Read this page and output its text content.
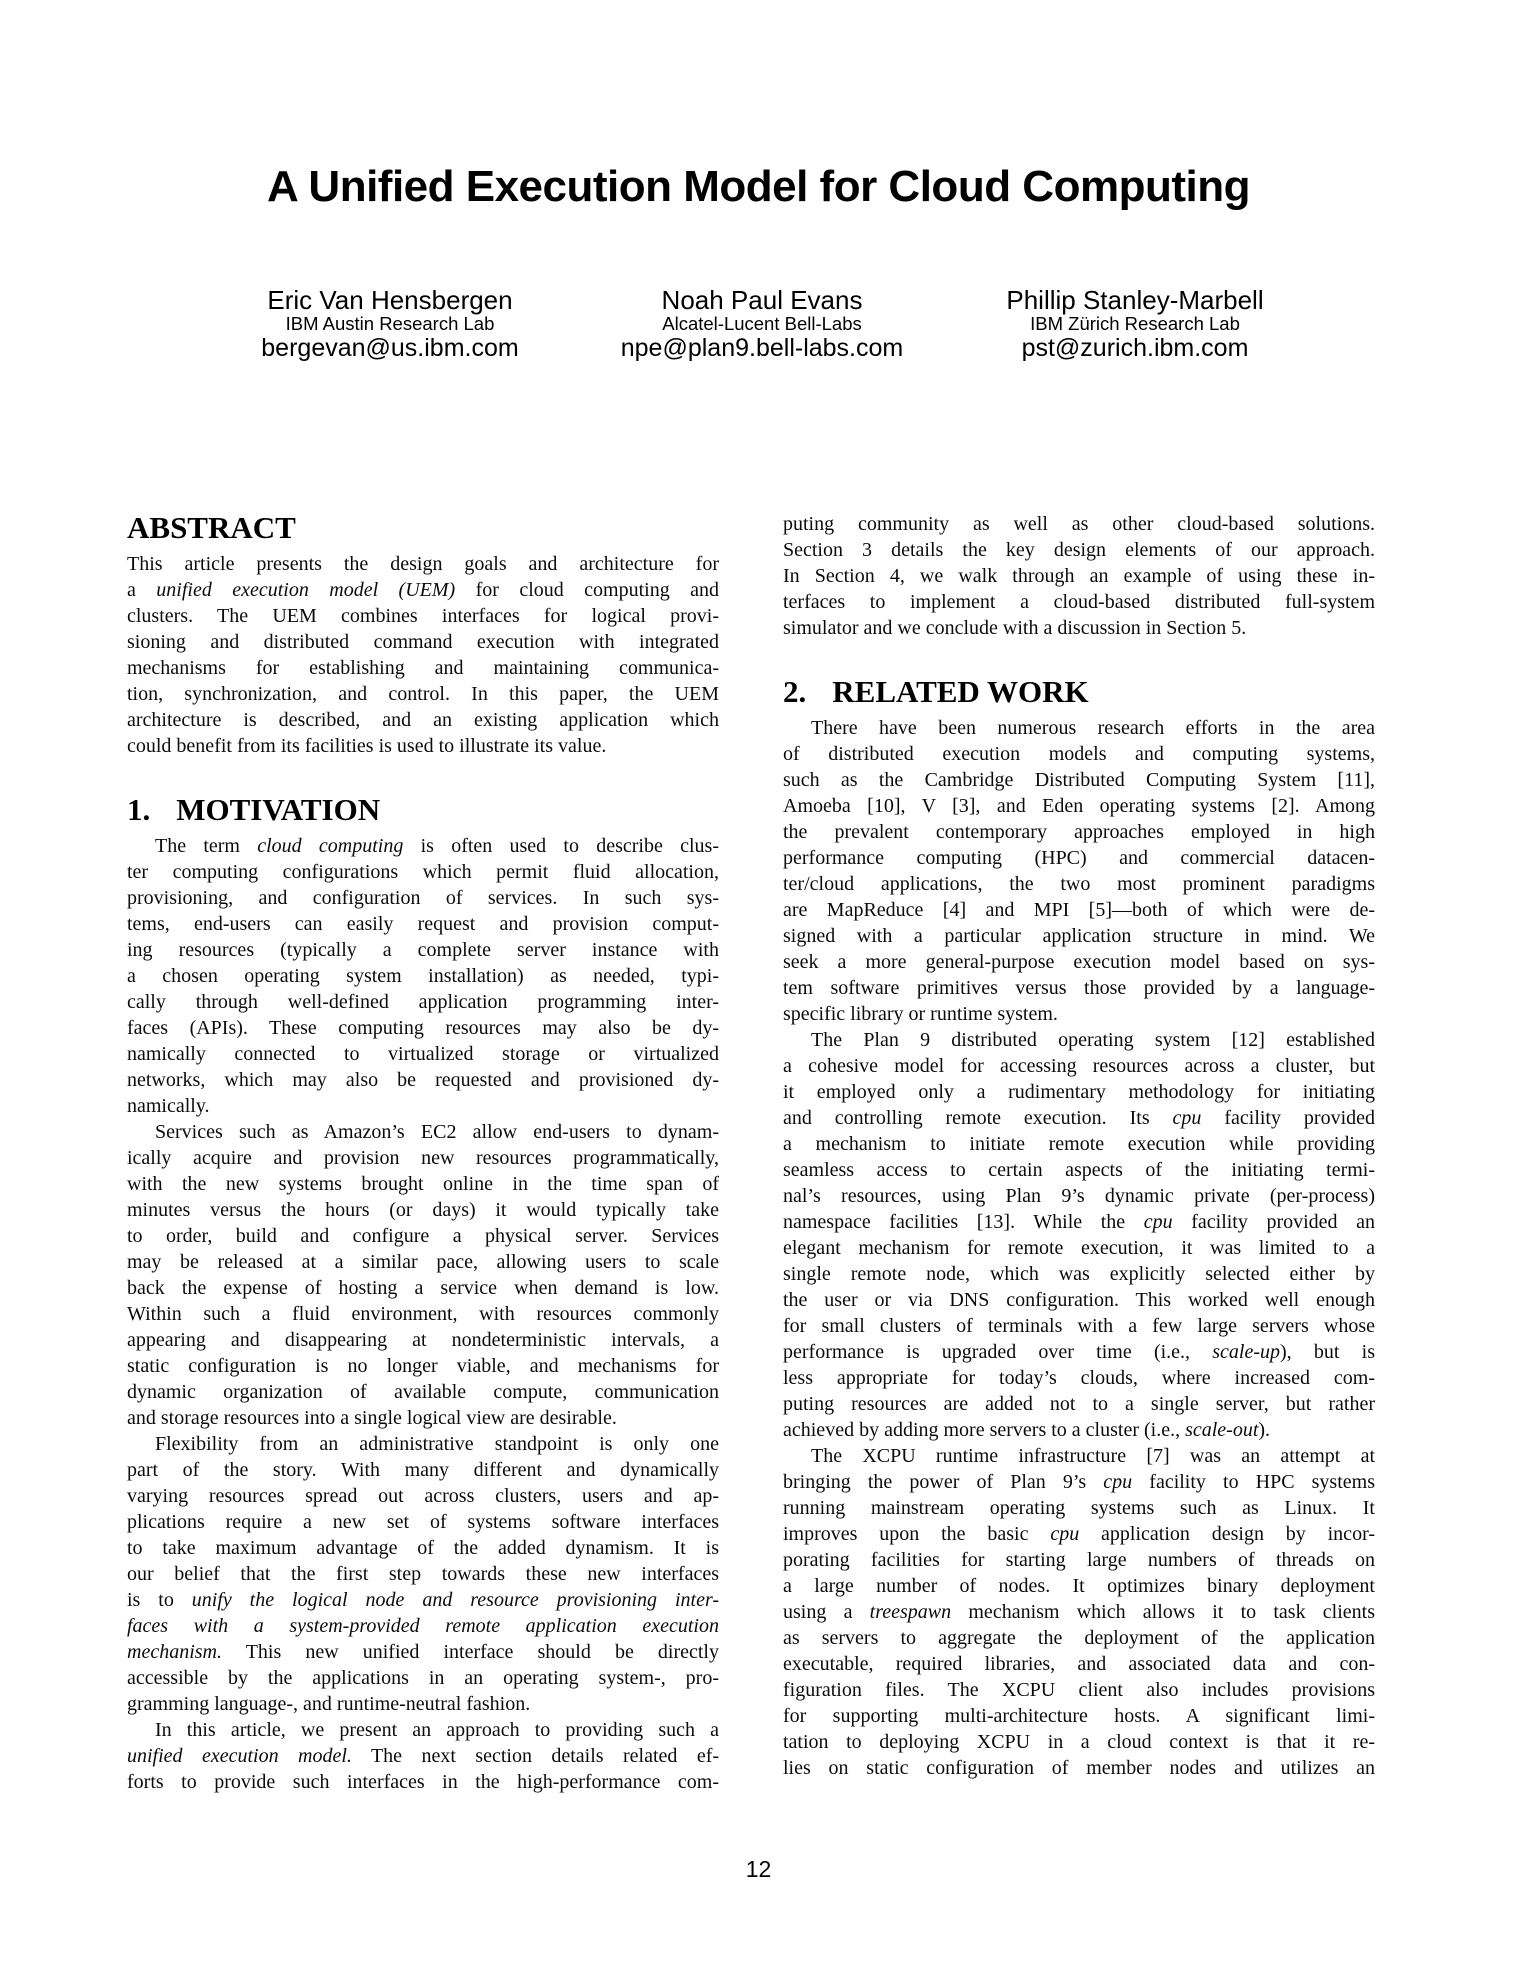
A Unified Execution Model for Cloud Computing
Eric Van Hensbergen
IBM Austin Research Lab
bergevan@us.ibm.com
Noah Paul Evans
Alcatel-Lucent Bell-Labs
npe@plan9.bell-labs.com
Phillip Stanley-Marbell
IBM Zürich Research Lab
pst@zurich.ibm.com
ABSTRACT
This article presents the design goals and architecture for
a unified execution model (UEM) for cloud computing and
clusters. The UEM combines interfaces for logical provi-
sioning and distributed command execution with integrated
mechanisms for establishing and maintaining communica-
tion, synchronization, and control. In this paper, the UEM
architecture is described, and an existing application which
could benefit from its facilities is used to illustrate its value.
1. MOTIVATION
The term cloud computing is often used to describe clus-
ter computing configurations which permit fluid allocation,
provisioning, and configuration of services. In such sys-
tems, end-users can easily request and provision comput-
ing resources (typically a complete server instance with
a chosen operating system installation) as needed, typi-
cally through well-defined application programming inter-
faces (APIs). These computing resources may also be dy-
namically connected to virtualized storage or virtualized
networks, which may also be requested and provisioned dy-
namically.
Services such as Amazon’s EC2 allow end-users to dynam-
ically acquire and provision new resources programmatically,
with the new systems brought online in the time span of
minutes versus the hours (or days) it would typically take
to order, build and configure a physical server. Services
may be released at a similar pace, allowing users to scale
back the expense of hosting a service when demand is low.
Within such a fluid environment, with resources commonly
appearing and disappearing at nondeterministic intervals, a
static configuration is no longer viable, and mechanisms for
dynamic organization of available compute, communication
and storage resources into a single logical view are desirable.
Flexibility from an administrative standpoint is only one
part of the story. With many different and dynamically
varying resources spread out across clusters, users and ap-
plications require a new set of systems software interfaces
to take maximum advantage of the added dynamism. It is
our belief that the first step towards these new interfaces
is to unify the logical node and resource provisioning inter-
faces with a system-provided remote application execution
mechanism. This new unified interface should be directly
accessible by the applications in an operating system-, pro-
gramming language-, and runtime-neutral fashion.
In this article, we present an approach to providing such a
unified execution model. The next section details related ef-
forts to provide such interfaces in the high-performance com-
puting community as well as other cloud-based solutions.
Section 3 details the key design elements of our approach.
In Section 4, we walk through an example of using these in-
terfaces to implement a cloud-based distributed full-system
simulator and we conclude with a discussion in Section 5.
2. RELATED WORK
There have been numerous research efforts in the area
of distributed execution models and computing systems,
such as the Cambridge Distributed Computing System [11],
Amoeba [10], V [3], and Eden operating systems [2]. Among
the prevalent contemporary approaches employed in high
performance computing (HPC) and commercial datacen-
ter/cloud applications, the two most prominent paradigms
are MapReduce [4] and MPI [5]—both of which were de-
signed with a particular application structure in mind. We
seek a more general-purpose execution model based on sys-
tem software primitives versus those provided by a language-
specific library or runtime system.
The Plan 9 distributed operating system [12] established
a cohesive model for accessing resources across a cluster, but
it employed only a rudimentary methodology for initiating
and controlling remote execution. Its cpu facility provided
a mechanism to initiate remote execution while providing
seamless access to certain aspects of the initiating termi-
nal’s resources, using Plan 9’s dynamic private (per-process)
namespace facilities [13]. While the cpu facility provided an
elegant mechanism for remote execution, it was limited to a
single remote node, which was explicitly selected either by
the user or via DNS configuration. This worked well enough
for small clusters of terminals with a few large servers whose
performance is upgraded over time (i.e., scale-up), but is
less appropriate for today’s clouds, where increased com-
puting resources are added not to a single server, but rather
achieved by adding more servers to a cluster (i.e., scale-out).
The XCPU runtime infrastructure [7] was an attempt at
bringing the power of Plan 9’s cpu facility to HPC systems
running mainstream operating systems such as Linux. It
improves upon the basic cpu application design by incor-
porating facilities for starting large numbers of threads on
a large number of nodes. It optimizes binary deployment
using a treespawn mechanism which allows it to task clients
as servers to aggregate the deployment of the application
executable, required libraries, and associated data and con-
figuration files. The XCPU client also includes provisions
for supporting multi-architecture hosts. A significant limi-
tation to deploying XCPU in a cloud context is that it re-
lies on static configuration of member nodes and utilizes an
12
